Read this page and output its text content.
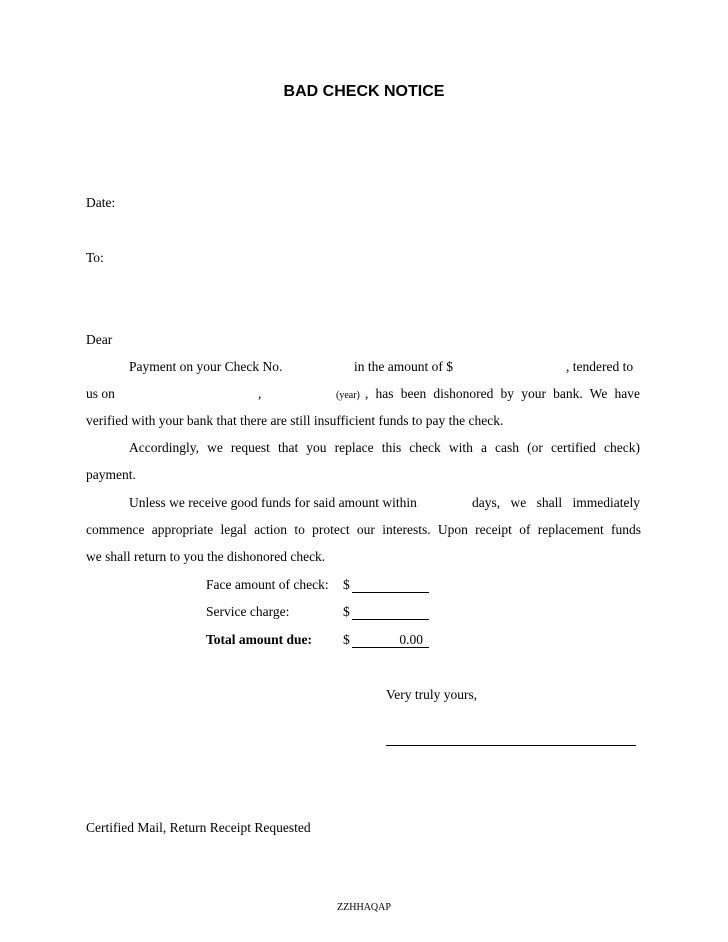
BAD CHECK NOTICE
Date:
To:
Dear
Payment on your Check No.	in the amount of $	, tendered to
us on	,	(year) , has been dishonored by your bank. We have
verified with your bank that there are still insufficient funds to pay the check.
Accordingly, we request that you replace this check with a cash (or certified check)
payment.
Unless we receive good funds for said amount within	days, we shall immediately
commence appropriate legal action to protect our interests. Upon receipt of replacement funds
we shall return to you the dishonored check.
Face amount of check: $
Service charge:	$
Total amount due: $	0.00
Very truly yours,
Certified Mail, Return Receipt Requested
ZZHHAQAP
